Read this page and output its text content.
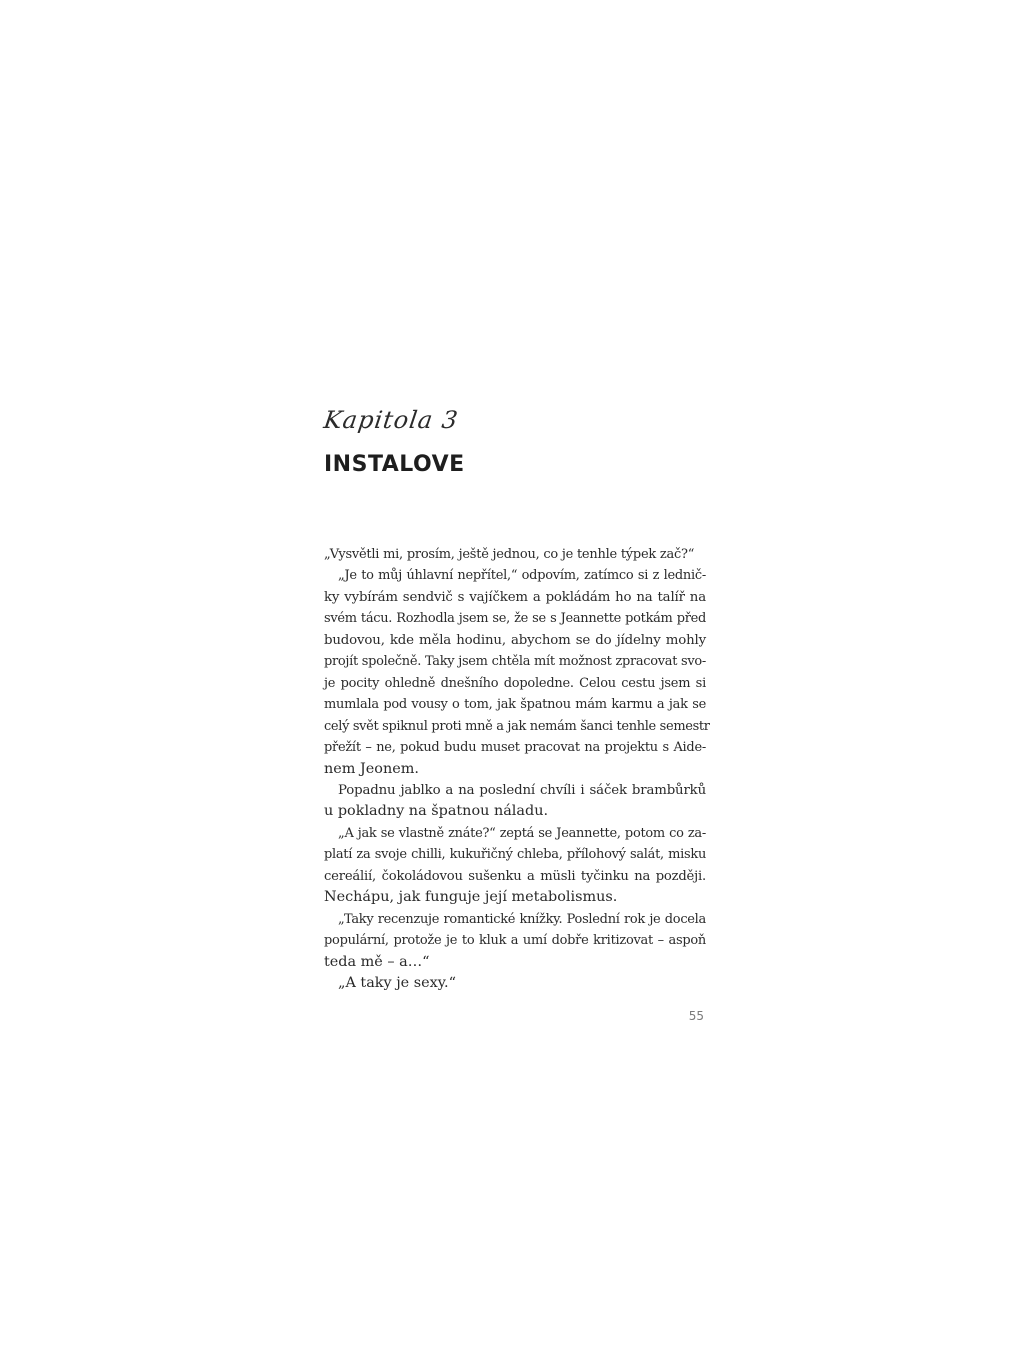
Kapitola 3
INSTALOVE

„Vysvětli mi, prosím, ještě jednou, co je tenhle týpek zač?“

„Je to můj úhlavní nepřítel,“ odpovím, zatímco si z lednič-
ky vybírám sendvič s vajíčkem a pokládám ho na talíř na
svém tácu. Rozhodla jsem se, že se s Jeannette potkám před
budovou, kde měla hodinu, abychom se do jídelny mohly
projít společně. Taky jsem chtěla mít možnost zpracovat svo-
je pocity ohledně dnešního dopoledne. Celou cestu jsem si
mumlala pod vousy o tom, jak špatnou mám karmu a jak se
celý svět spiknul proti mně a jak nemám šanci tenhle semestr
přežít – ne, pokud budu muset pracovat na projektu s Aide-
nem Jeonem.

Popadnu jablko a na poslední chvíli i sáček brambůrků
u pokladny na špatnou náladu.

„A jak se vlastně znáte?“ zeptá se Jeannette, potom co za-
platí za svoje chilli, kukuřičný chleba, přílohový salát, misku
cereálií, čokoládovou sušenku a müsli tyčinku na později.
Nechápu, jak funguje její metabolismus.

„Taky recenzuje romantické knížky. Poslední rok je docela
populární, protože je to kluk a umí dobře kritizovat – aspoň
teda mě – a…“

„A taky je sexy.“

55
